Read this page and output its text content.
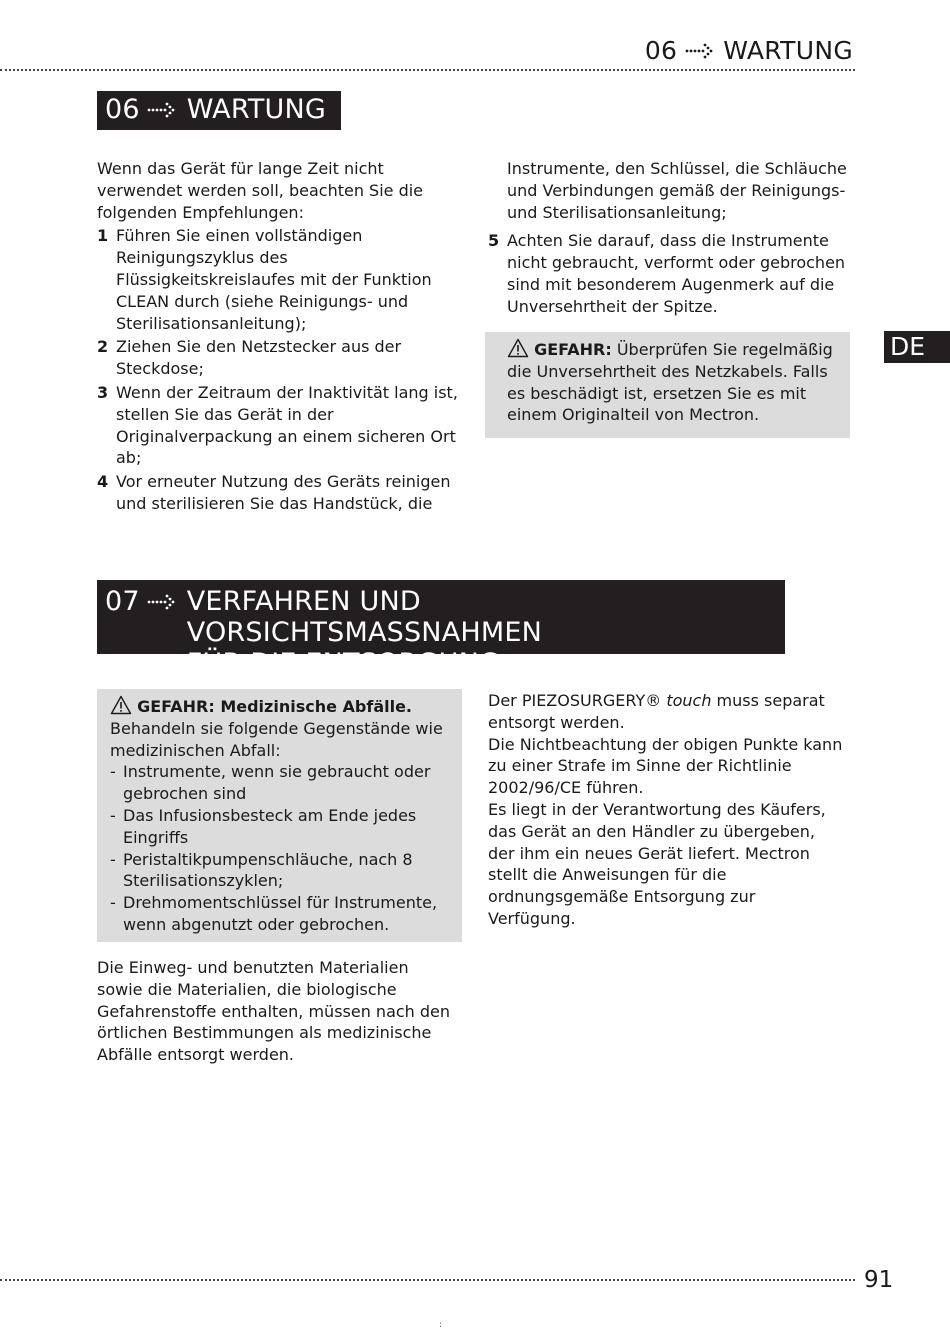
06 WARTUNG
06 WARTUNG
Wenn das Gerät für lange Zeit nicht verwendet werden soll, beachten Sie die folgenden Empfehlungen:
1 Führen Sie einen vollständigen Reinigungszyklus des Flüssigkeitskreislaufes mit der Funktion CLEAN durch (siehe Reinigungs- und Sterilisationsanleitung);
2 Ziehen Sie den Netzstecker aus der Steckdose;
3 Wenn der Zeitraum der Inaktivität lang ist, stellen Sie das Gerät in der Originalverpackung an einem sicheren Ort ab;
4 Vor erneuter Nutzung des Geräts reinigen und sterilisieren Sie das Handstück, die
Instrumente, den Schlüssel, die Schläuche und Verbindungen gemäß der Reinigungs- und Sterilisationsanleitung;
5 Achten Sie darauf, dass die Instrumente nicht gebraucht, verformt oder gebrochen sind mit besonderem Augenmerk auf die Unversehrtheit der Spitze.
GEFAHR: Überprüfen Sie regelmäßig die Unversehrtheit des Netzkabels. Falls es beschädigt ist, ersetzen Sie es mit einem Originalteil von Mectron.
DE
07 VERFAHREN UND VORSICHTSMASSNAHMEN
FÜR DIE ENTSORGUNG
GEFAHR: Medizinische Abfälle.
Behandeln sie folgende Gegenstände wie medizinischen Abfall:
- Instrumente, wenn sie gebraucht oder gebrochen sind
- Das Infusionsbesteck am Ende jedes Eingriffs
- Peristaltikpumpenschläuche, nach 8 Sterilisationszyklen;
- Drehmomentschlüssel für Instrumente, wenn abgenutzt oder gebrochen.
Die Einweg- und benutzten Materialien sowie die Materialien, die biologische Gefahrenstoffe enthalten, müssen nach den örtlichen Bestimmungen als medizinische Abfälle entsorgt werden.
Der PIEZOSURGERY® touch muss separat entsorgt werden.
Die Nichtbeachtung der obigen Punkte kann zu einer Strafe im Sinne der Richtlinie 2002/96/CE führen.
Es liegt in der Verantwortung des Käufers, das Gerät an den Händler zu übergeben, der ihm ein neues Gerät liefert. Mectron stellt die Anweisungen für die ordnungsgemäße Entsorgung zur Verfügung.
91
:
